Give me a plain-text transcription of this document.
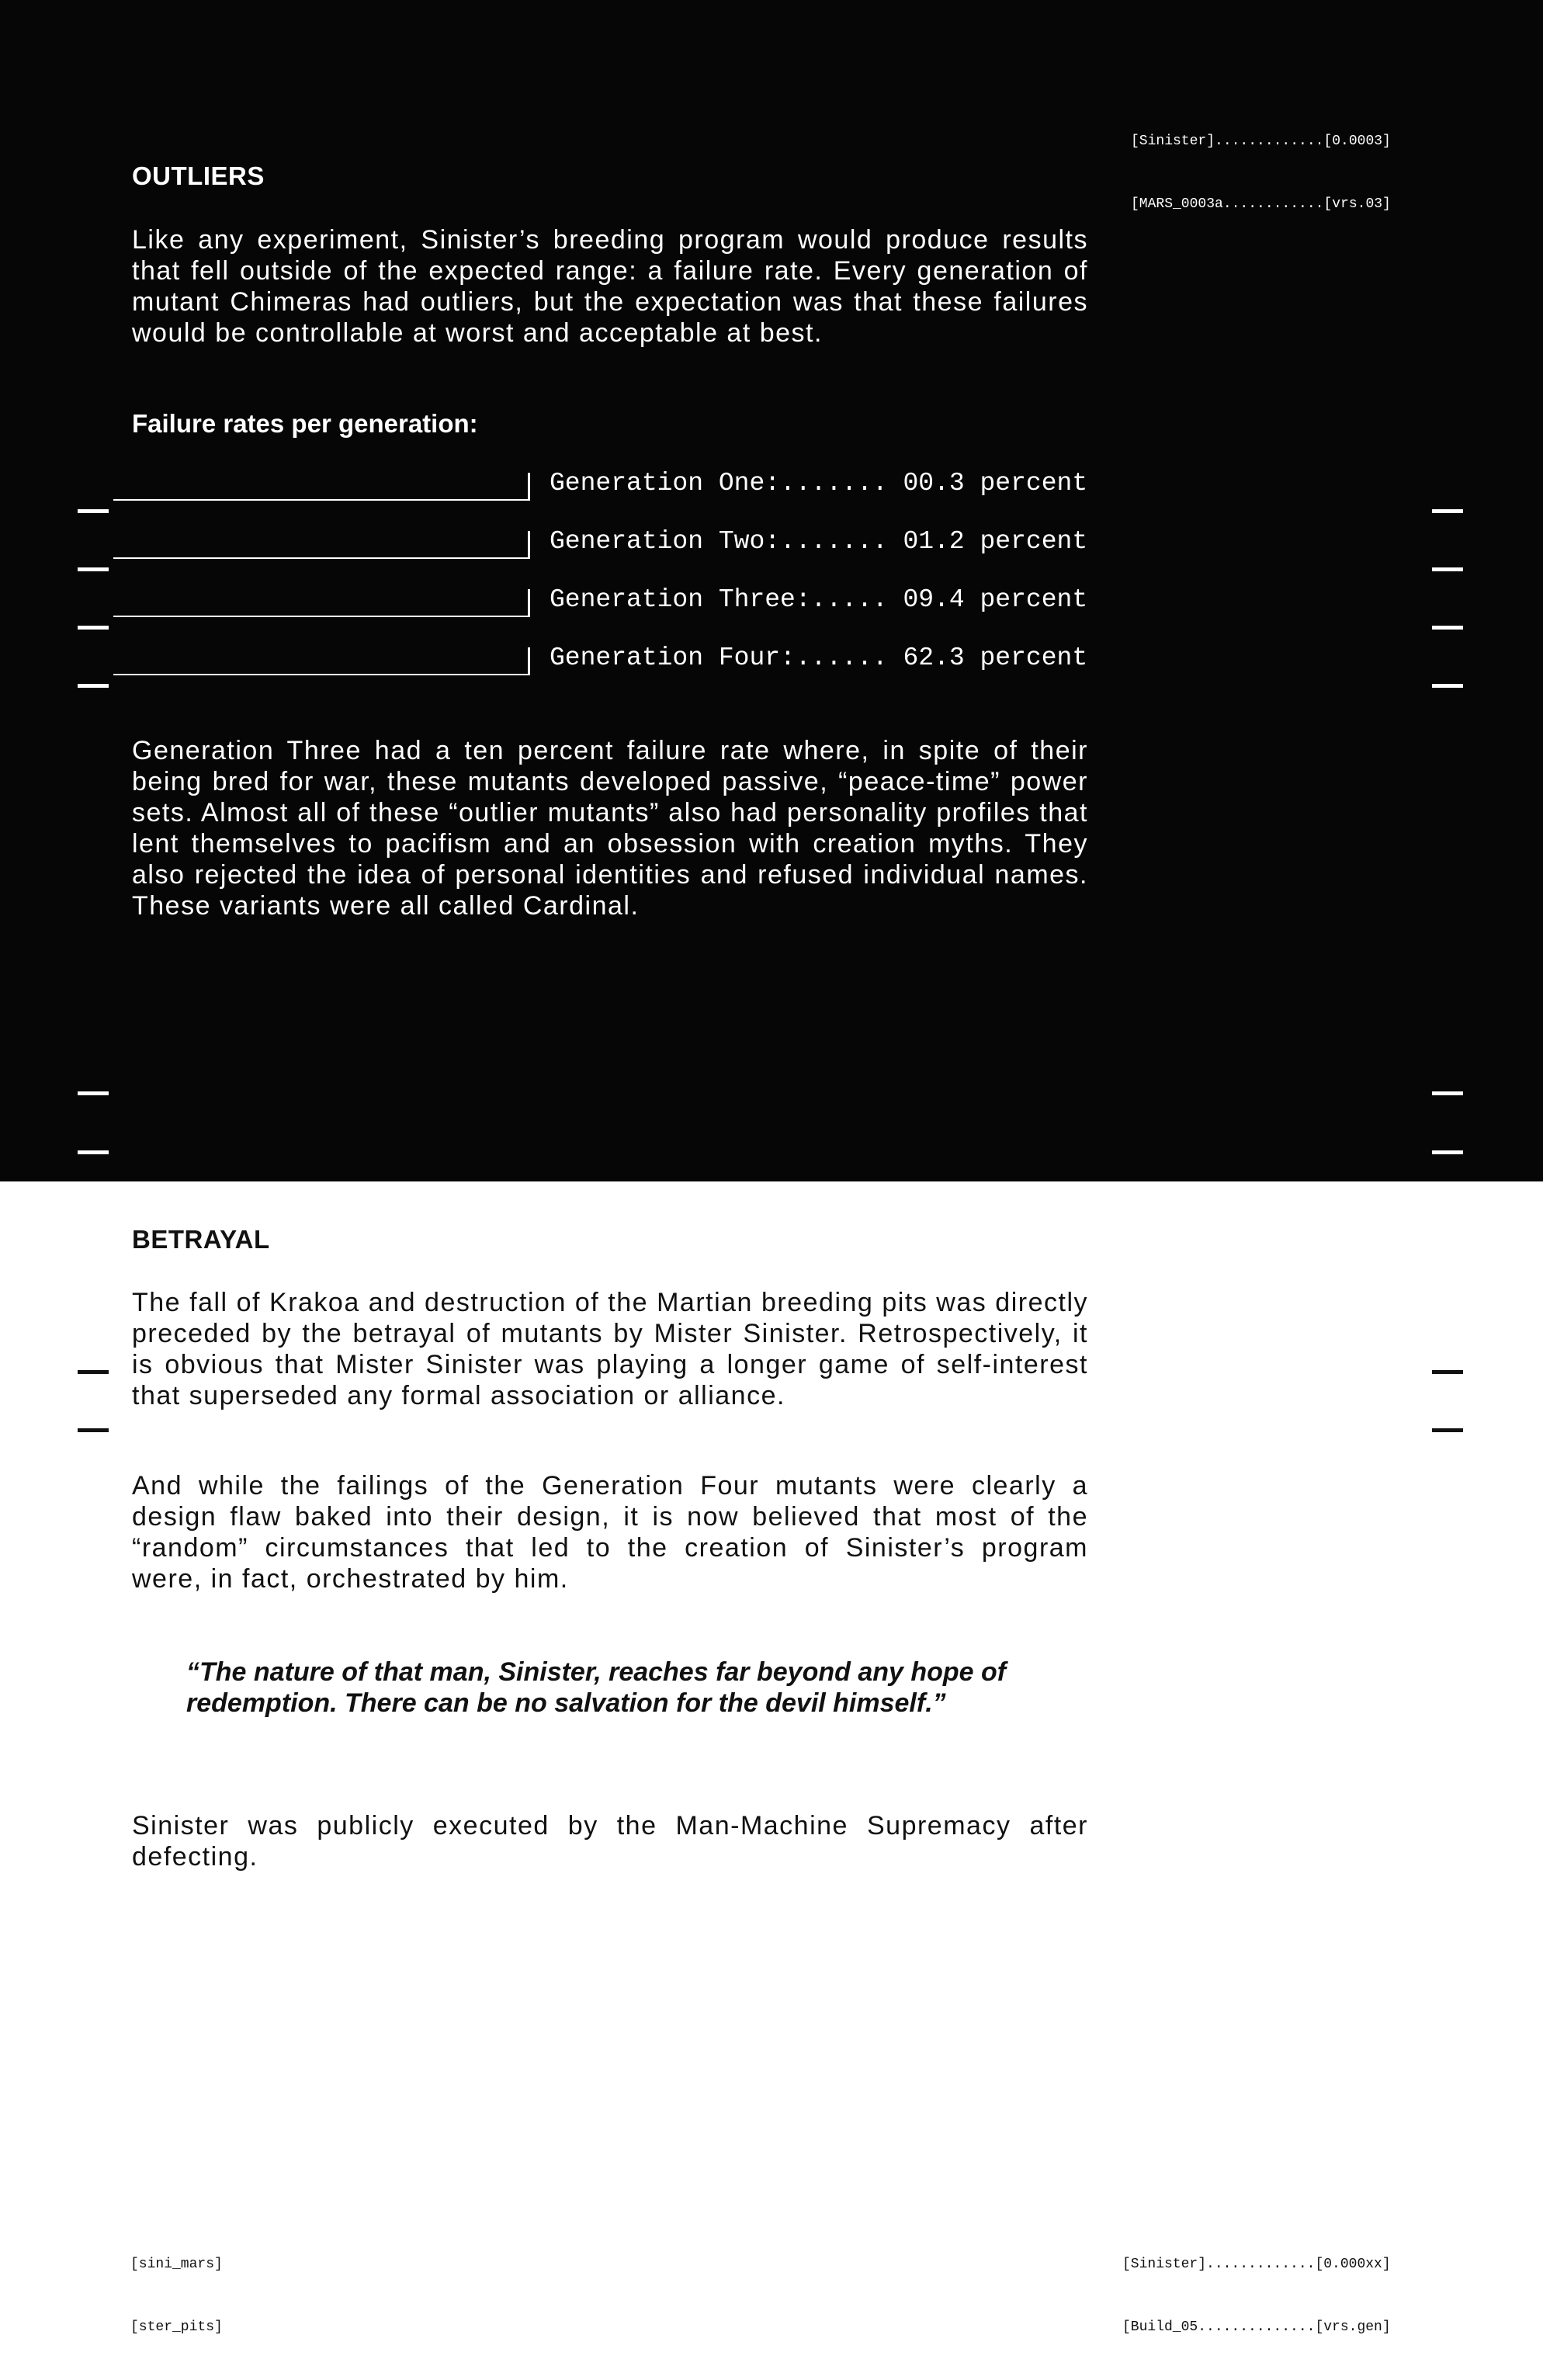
[Sinister].............[0.0003]

[MARS_0003a............[vrs.03]

OUTLIERS
Like any experiment, Sinister’s breeding program would produce results that fell outside of the expected range: a failure rate. Every generation of mutant Chimeras had outliers, but the expectation was that these failures would be controllable at worst and acceptable at best.
Failure rates per generation:
Generation One:....... 00.3 percent
Generation Two:....... 01.2 percent
Generation Three:..... 09.4 percent
Generation Four:...... 62.3 percent
Generation Three had a ten percent failure rate where, in spite of their being bred for war, these mutants developed passive, “peace-time” power sets. Almost all of these “outlier mutants” also had personality profiles that lent themselves to pacifism and an obsession with creation myths. They also rejected the idea of personal identities and refused individual names. These variants were all called Cardinal.
BETRAYAL
The fall of Krakoa and destruction of the Martian breeding pits was directly preceded by the betrayal of mutants by Mister Sinister. Retrospectively, it is obvious that Mister Sinister was playing a longer game of self-interest that superseded any formal association or alliance.
And while the failings of the Generation Four mutants were clearly a design flaw baked into their design, it is now believed that most of the “random” circumstances that led to the creation of Sinister’s program were, in fact, orchestrated by him.
“The nature of that man, Sinister, reaches far beyond any hope of redemption. There can be no salvation for the devil himself.”
Sinister was publicly executed by the Man-Machine Supremacy after defecting.

[sini_mars]

[ster_pits]

[Sinister].............[0.000xx]

[Build_05..............[vrs.gen]
